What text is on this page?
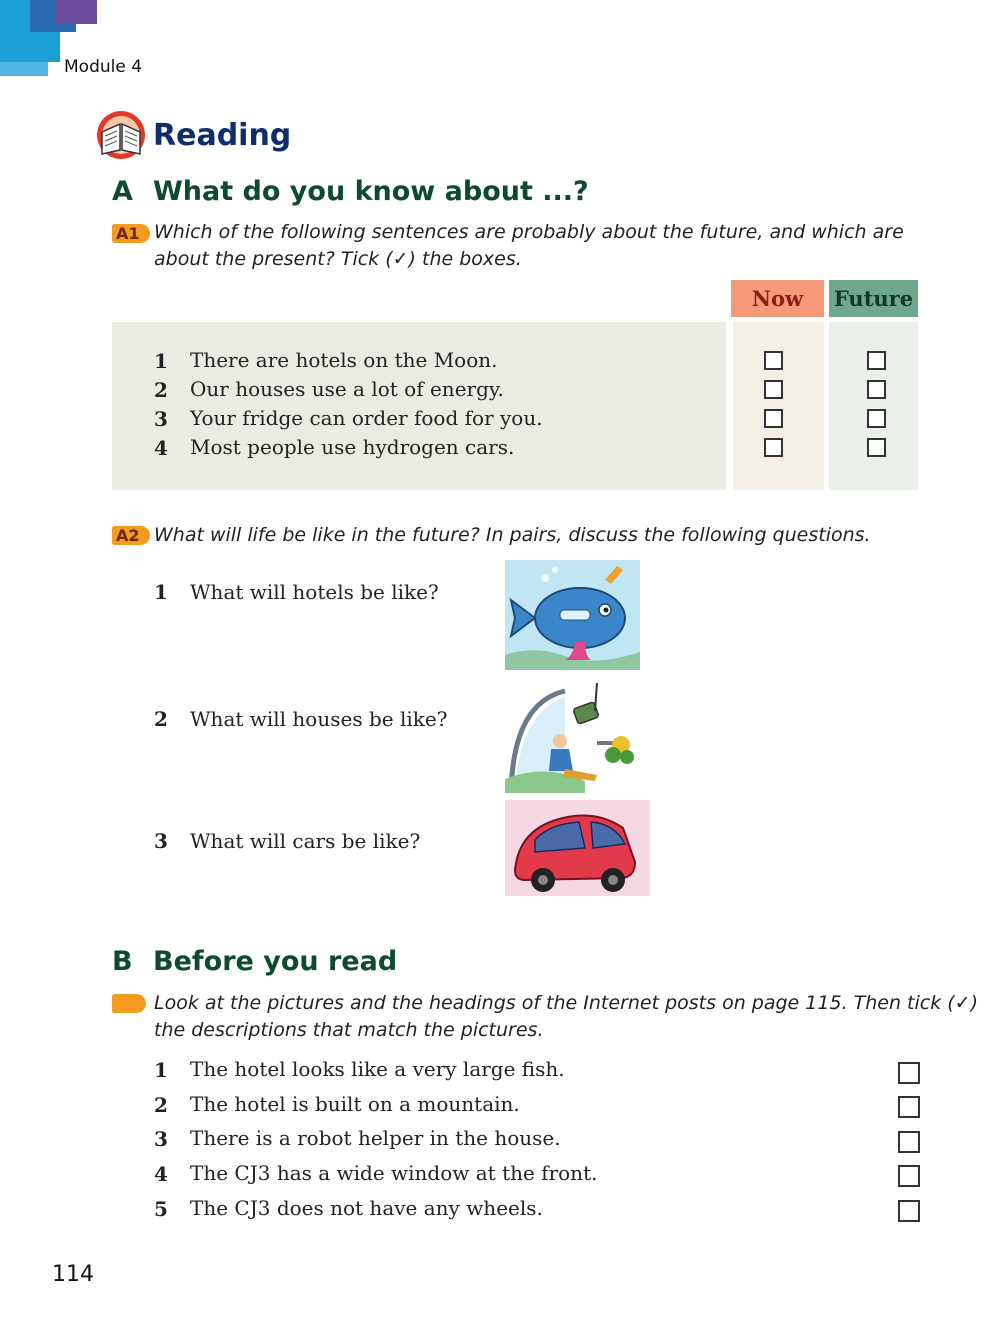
Module 4
Reading
A What do you know about ...?
A1 Which of the following sentences are probably about the future, and which are
about the present? Tick (✓) the boxes.
Now	Future
1 There are hotels on the Moon.
2 Our houses use a lot of energy.
3 Your fridge can order food for you.
4 Most people use hydrogen cars.
A2 What will life be like in the future? In pairs, discuss the following questions.
1 What will hotels be like?
2 What will houses be like?
3 What will cars be like?
B Before you read
Look at the pictures and the headings of the Internet posts on page 115. Then tick (✓)
the descriptions that match the pictures.
1 The hotel looks like a very large fish.
2 The hotel is built on a mountain.
3 There is a robot helper in the house.
4 The CJ3 has a wide window at the front.
5 The CJ3 does not have any wheels.
114
